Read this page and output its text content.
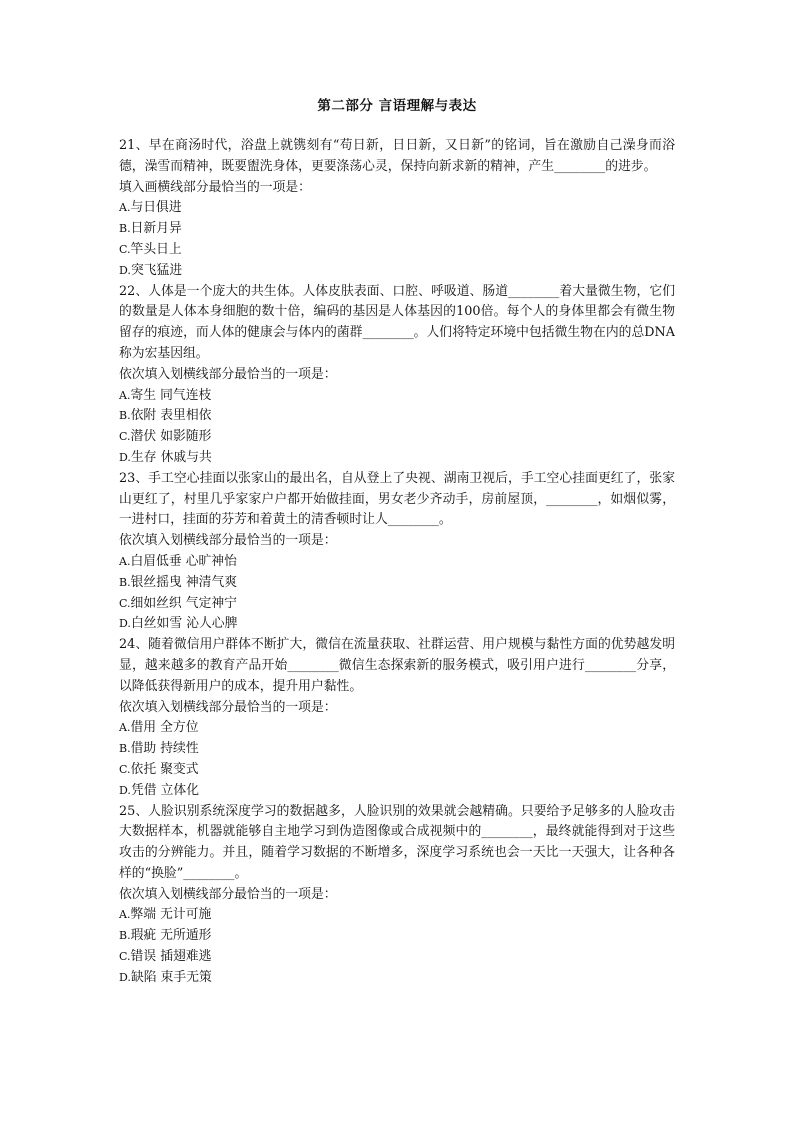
第二部分 言语理解与表达

21、早在商汤时代，浴盘上就镌刻有“苟日新，日日新，又日新”的铭词，旨在激励自己澡身而浴德，澡雪而精神，既要盥洗身体，更要涤荡心灵，保持向新求新的精神，产生________的进步。

填入画横线部分最恰当的一项是：

A.与日俱进

B.日新月异

C.竿头日上

D.突飞猛进

22、人体是一个庞大的共生体。人体皮肤表面、口腔、呼吸道、肠道________着大量微生物，它们的数量是人体本身细胞的数十倍，编码的基因是人体基因的100倍。每个人的身体里都会有微生物留存的痕迹，而人体的健康会与体内的菌群________。人们将特定环境中包括微生物在内的总DNA称为宏基因组。

依次填入划横线部分最恰当的一项是：

A.寄生 同气连枝

B.依附 表里相依

C.潜伏 如影随形

D.生存 休戚与共

23、手工空心挂面以张家山的最出名，自从登上了央视、湖南卫视后，手工空心挂面更红了，张家山更红了，村里几乎家家户户都开始做挂面，男女老少齐动手，房前屋顶，________，如烟似雾，一进村口，挂面的芬芳和着黄土的清香顿时让人________。

依次填入划横线部分最恰当的一项是：

A.白眉低垂 心旷神怡

B.银丝摇曳 神清气爽

C.细如丝织 气定神宁

D.白丝如雪 沁人心脾

24、随着微信用户群体不断扩大，微信在流量获取、社群运营、用户规模与黏性方面的优势越发明显，越来越多的教育产品开始________微信生态探索新的服务模式，吸引用户进行________分享，以降低获得新用户的成本，提升用户黏性。

依次填入划横线部分最恰当的一项是：

A.借用 全方位

B.借助 持续性

C.依托 聚变式

D.凭借 立体化

25、人脸识别系统深度学习的数据越多，人脸识别的效果就会越精确。只要给予足够多的人脸攻击大数据样本，机器就能够自主地学习到伪造图像或合成视频中的________，最终就能得到对于这些攻击的分辨能力。并且，随着学习数据的不断增多，深度学习系统也会一天比一天强大，让各种各样的“换脸”________。

依次填入划横线部分最恰当的一项是：

A.弊端 无计可施

B.瑕疵 无所遁形

C.错误 插翅难逃

D.缺陷 束手无策
